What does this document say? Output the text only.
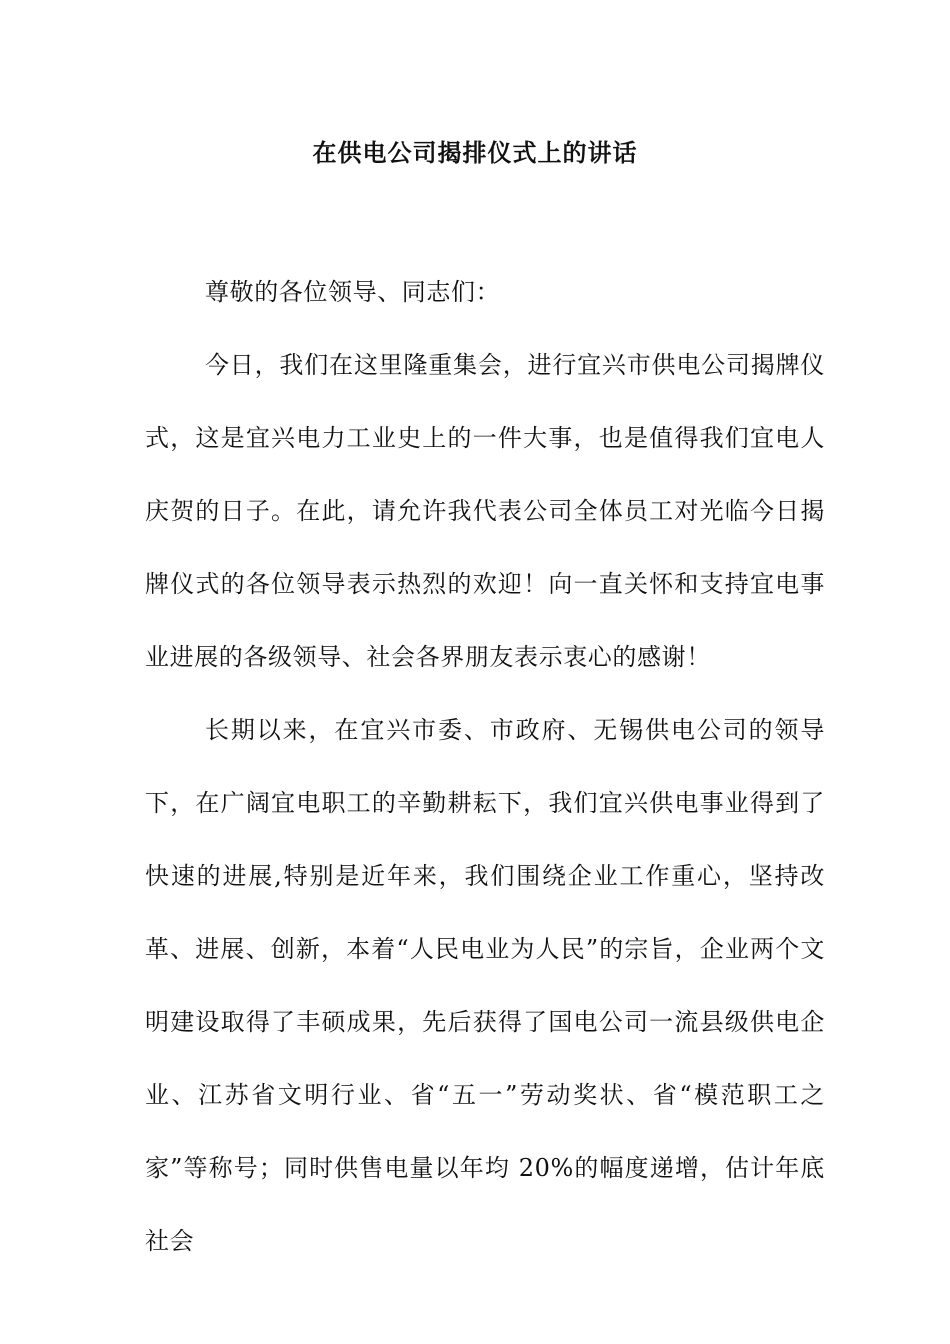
在供电公司揭排仪式上的讲话

尊敬的各位领导、同志们：

今日，我们在这里隆重集会，进行宜兴市供电公司揭牌仪式，这是宜兴电力工业史上的一件大事，也是值得我们宜电人庆贺的日子。在此，请允许我代表公司全体员工对光临今日揭牌仪式的各位领导表示热烈的欢迎！向一直关怀和支持宜电事业进展的各级领导、社会各界朋友表示衷心的感谢！

长期以来，在宜兴市委、市政府、无锡供电公司的领导下，在广阔宜电职工的辛勤耕耘下，我们宜兴供电事业得到了快速的进展,特别是近年来，我们围绕企业工作重心，坚持改革、进展、创新，本着“人民电业为人民”的宗旨，企业两个文明建设取得了丰硕成果，先后获得了国电公司一流县级供电企业、江苏省文明行业、省“五一”劳动奖状、省“模范职工之家”等称号；同时供售电量以年均 20%的幅度递增，估计年底社会
